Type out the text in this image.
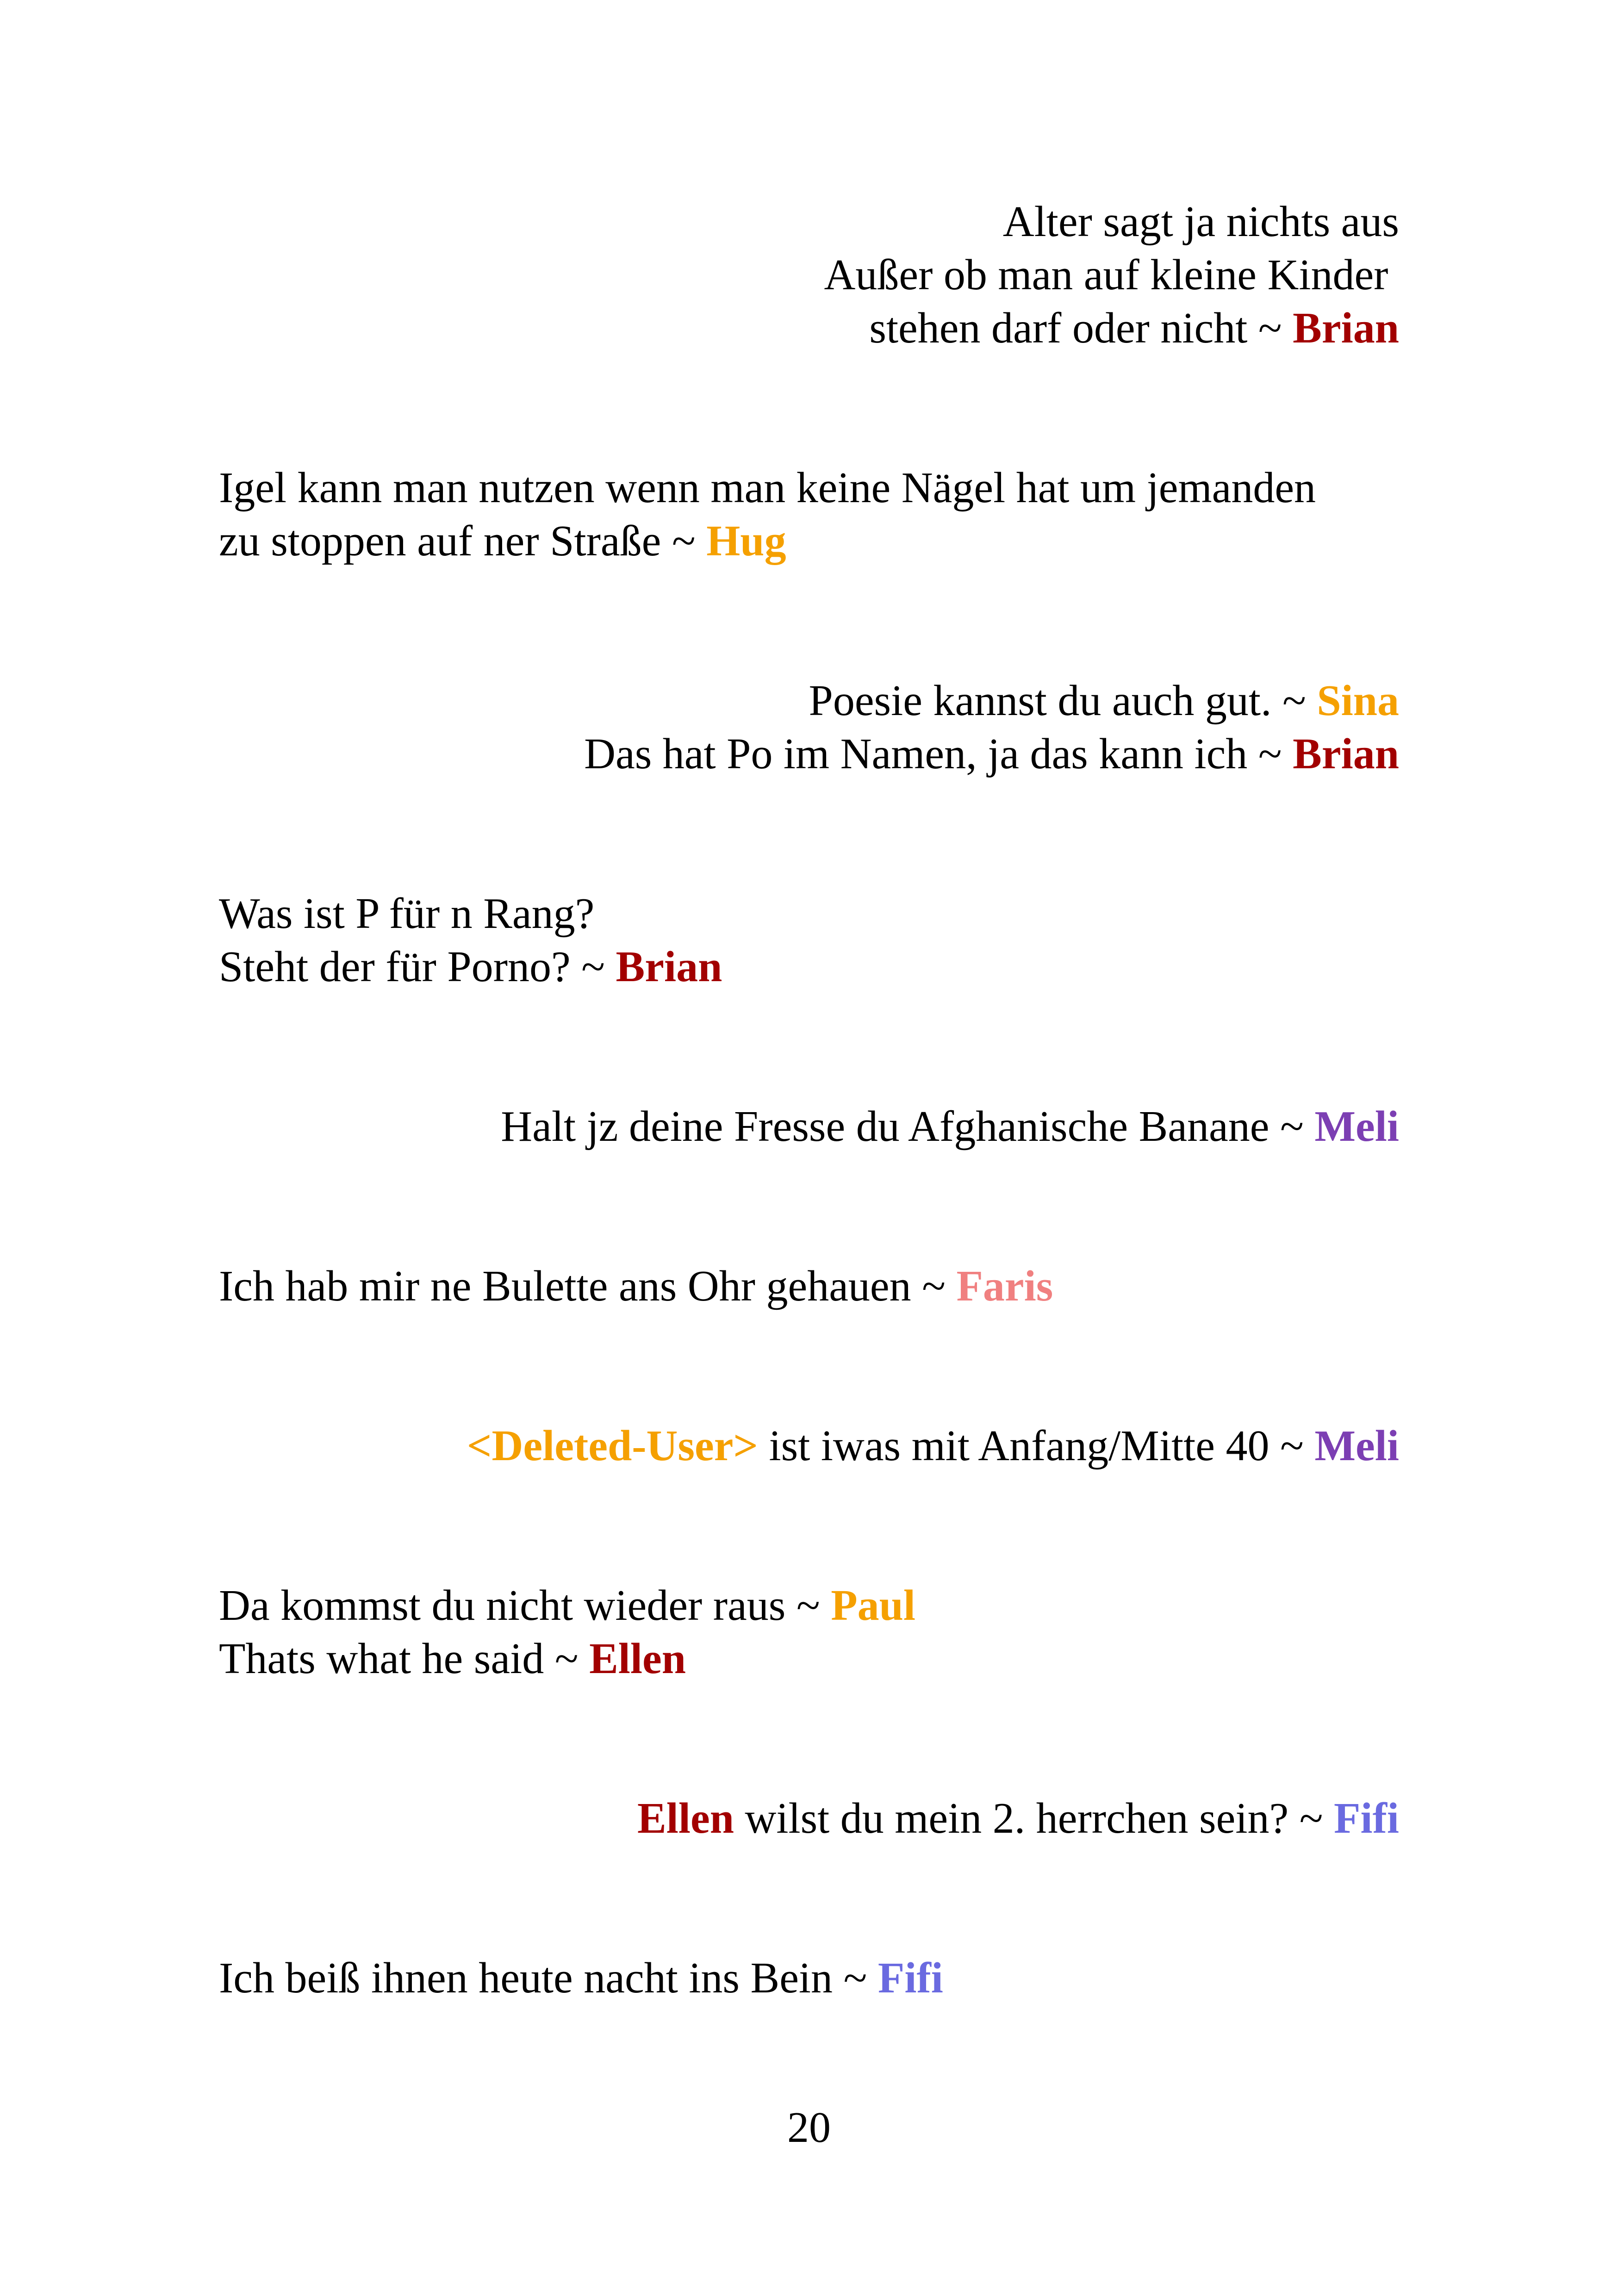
Alter sagt ja nichts aus
Außer ob man auf kleine Kinder
stehen darf oder nicht ~ Brian
Igel kann man nutzen wenn man keine Nägel hat um jemanden
zu stoppen auf ner Straße ~ Hug
Poesie kannst du auch gut. ~ Sina
Das hat Po im Namen, ja das kann ich ~ Brian
Was ist P für n Rang?
Steht der für Porno? ~ Brian
Halt jz deine Fresse du Afghanische Banane ~ Meli
Ich hab mir ne Bulette ans Ohr gehauen ~ Faris
<Deleted-User> ist iwas mit Anfang/Mitte 40 ~ Meli
Da kommst du nicht wieder raus ~ Paul
Thats what he said ~ Ellen
Ellen wilst du mein 2. herrchen sein? ~ Fifi
Ich beiß ihnen heute nacht ins Bein ~ Fifi
20
